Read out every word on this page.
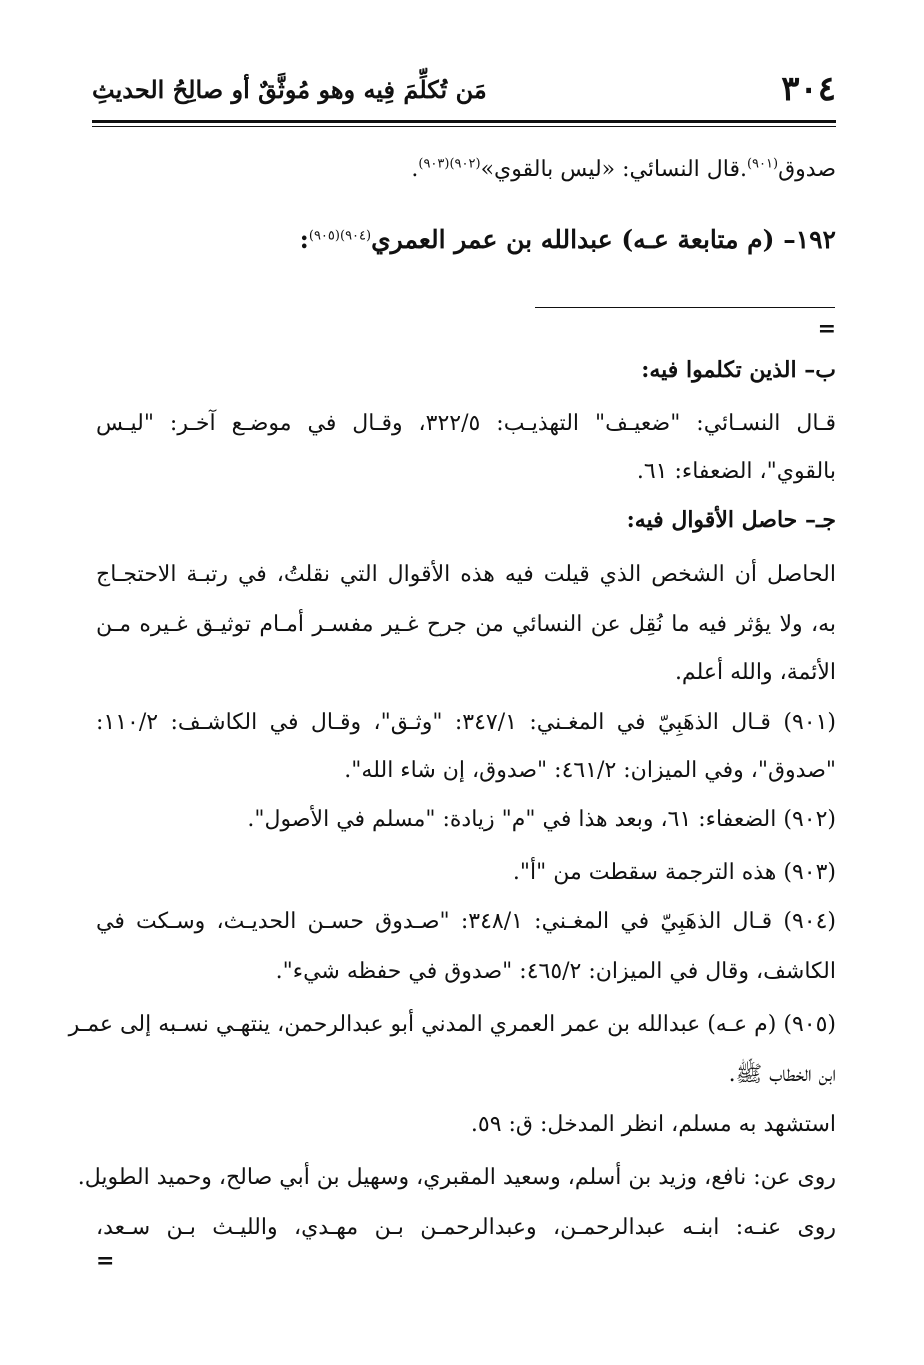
٣٠٤
مَن تُكلِّمَ فِيه وهو مُوثَّقٌ أو صالِحُ الحديثِ
صدوق$^{(٩٠١)}$.قال النسائي: «ليس بالقوي»$^{(٩٠٢)(٩٠٣)}$.
١٩٢– (م متابعة عـه) عبدالله بن عمر العمري$^{(٩٠٤)(٩٠٥)}$:
=
ب– الذين تكلموا فيه:
قـال النسـائي: "ضعيـف" التهذيـب: ٣٢٢/٥، وقـال في موضـع آخـر: "ليـس
بالقوي"، الضعفاء: ٦١.
جـ– حاصل الأقوال فيه:
الحاصل أن الشخص الذي قيلت فيه هذه الأقوال التي نقلتُ، في رتبـة الاحتجـاج
به، ولا يؤثر فيه ما نُقِل عن النسائي من جرح غـير مفسـر أمـام توثيـق غـيره مـن
الأئمة، والله أعلم.
(٩٠١) قـال الذهَبِيّ في المغـني: ٣٤٧/١: "وثـق"، وقـال في الكاشـف: ١١٠/٢:
"صدوق"، وفي الميزان: ٤٦١/٢: "صدوق، إن شاء الله".
(٩٠٢) الضعفاء: ٦١، وبعد هذا في "م" زيادة: "مسلم في الأصول".
(٩٠٣) هذه الترجمة سقطت من "أ".
(٩٠٤) قـال الذهَبِيّ في المغـني: ٣٤٨/١: "صـدوق حسـن الحديـث، وسـكت في
الكاشف، وقال في الميزان: ٤٦٥/٢: "صدوق في حفظه شيء".
(٩٠٥) (م عـه) عبدالله بن عمر العمري المدني أبو عبدالرحمن، ينتهـي نسـبه إلى عمـر
ابن الخطاب ﷺ.
استشهد به مسلم، انظر المدخل: ق: ٥٩.
روى عن: نافع، وزيد بن أسلم، وسعيد المقبري، وسهيل بن أبي صالح، وحميد الطويل.
روى عنـه: ابنـه عبدالرحمـن، وعبدالرحمـن بـن مهـدي، والليـث بـن سـعد،
=
